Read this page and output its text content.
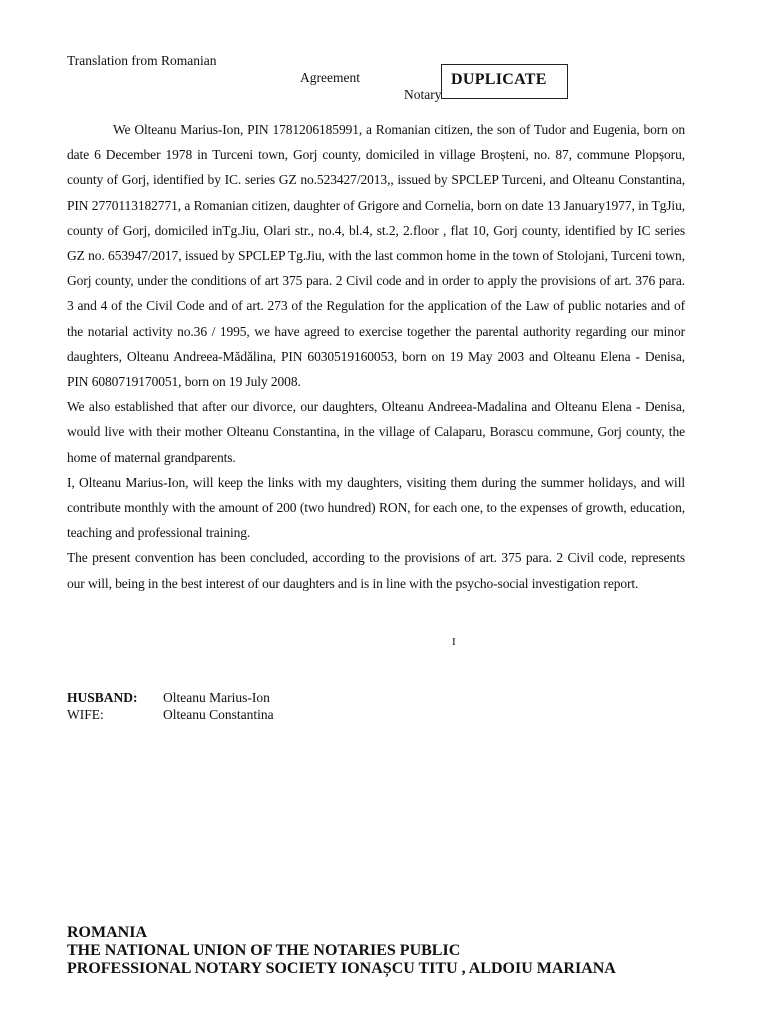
Translation from Romanian
Agreement
Notary
DUPLICATE

We Olteanu Marius-Ion, PIN 1781206185991, a Romanian citizen, the son of Tudor and Eugenia, born on date 6 December 1978 in Turceni town, Gorj county, domiciled in village Broșteni, no. 87, commune Plopșoru, county of Gorj, identified by IC. series GZ no.523427/2013,, issued by SPCLEP Turceni, and Olteanu Constantina, PIN 2770113182771, a Romanian citizen, daughter of Grigore and Cornelia, born on date 13 January1977, in TgJiu, county of Gorj, domiciled inTg.Jiu, Olari str., no.4, bl.4, st.2, 2.floor , flat 10, Gorj county, identified by IC series GZ no. 653947/2017, issued by SPCLEP Tg.Jiu, with the last common home in the town of Stolojani, Turceni town, Gorj county, under the conditions of art 375 para. 2 Civil code and in order to apply the provisions of art. 376 para. 3 and 4 of the Civil Code and of art. 273 of the Regulation for the application of the Law of public notaries and of the notarial activity no.36 / 1995, we have agreed to exercise together the parental authority regarding our minor daughters, Olteanu Andreea-Mădălina, PIN 6030519160053, born on 19 May 2003 and Olteanu Elena - Denisa, PIN 6080719170051, born on 19 July 2008.

We also established that after our divorce, our daughters, Olteanu Andreea-Madalina and Olteanu Elena - Denisa, would live with their mother Olteanu Constantina, in the village of Calaparu, Borascu commune, Gorj county, the home of maternal grandparents.

I, Olteanu Marius-Ion, will keep the links with my daughters, visiting them during the summer holidays, and will contribute monthly with the amount of 200 (two hundred) RON, for each one, to the expenses of growth, education, teaching and professional training.

The present convention has been concluded, according to the provisions of art. 375 para. 2 Civil code, represents our will, being in the best interest of our daughters and is in line with the psycho-social investigation report.

I
HUSBAND:	Olteanu Marius-Ion
WIFE:	Olteanu Constantina
ROMANIA
THE NATIONAL UNION OF THE NOTARIES PUBLIC
PROFESSIONAL NOTARY SOCIETY IONAȘCU TITU , ALDOIU MARIANA
